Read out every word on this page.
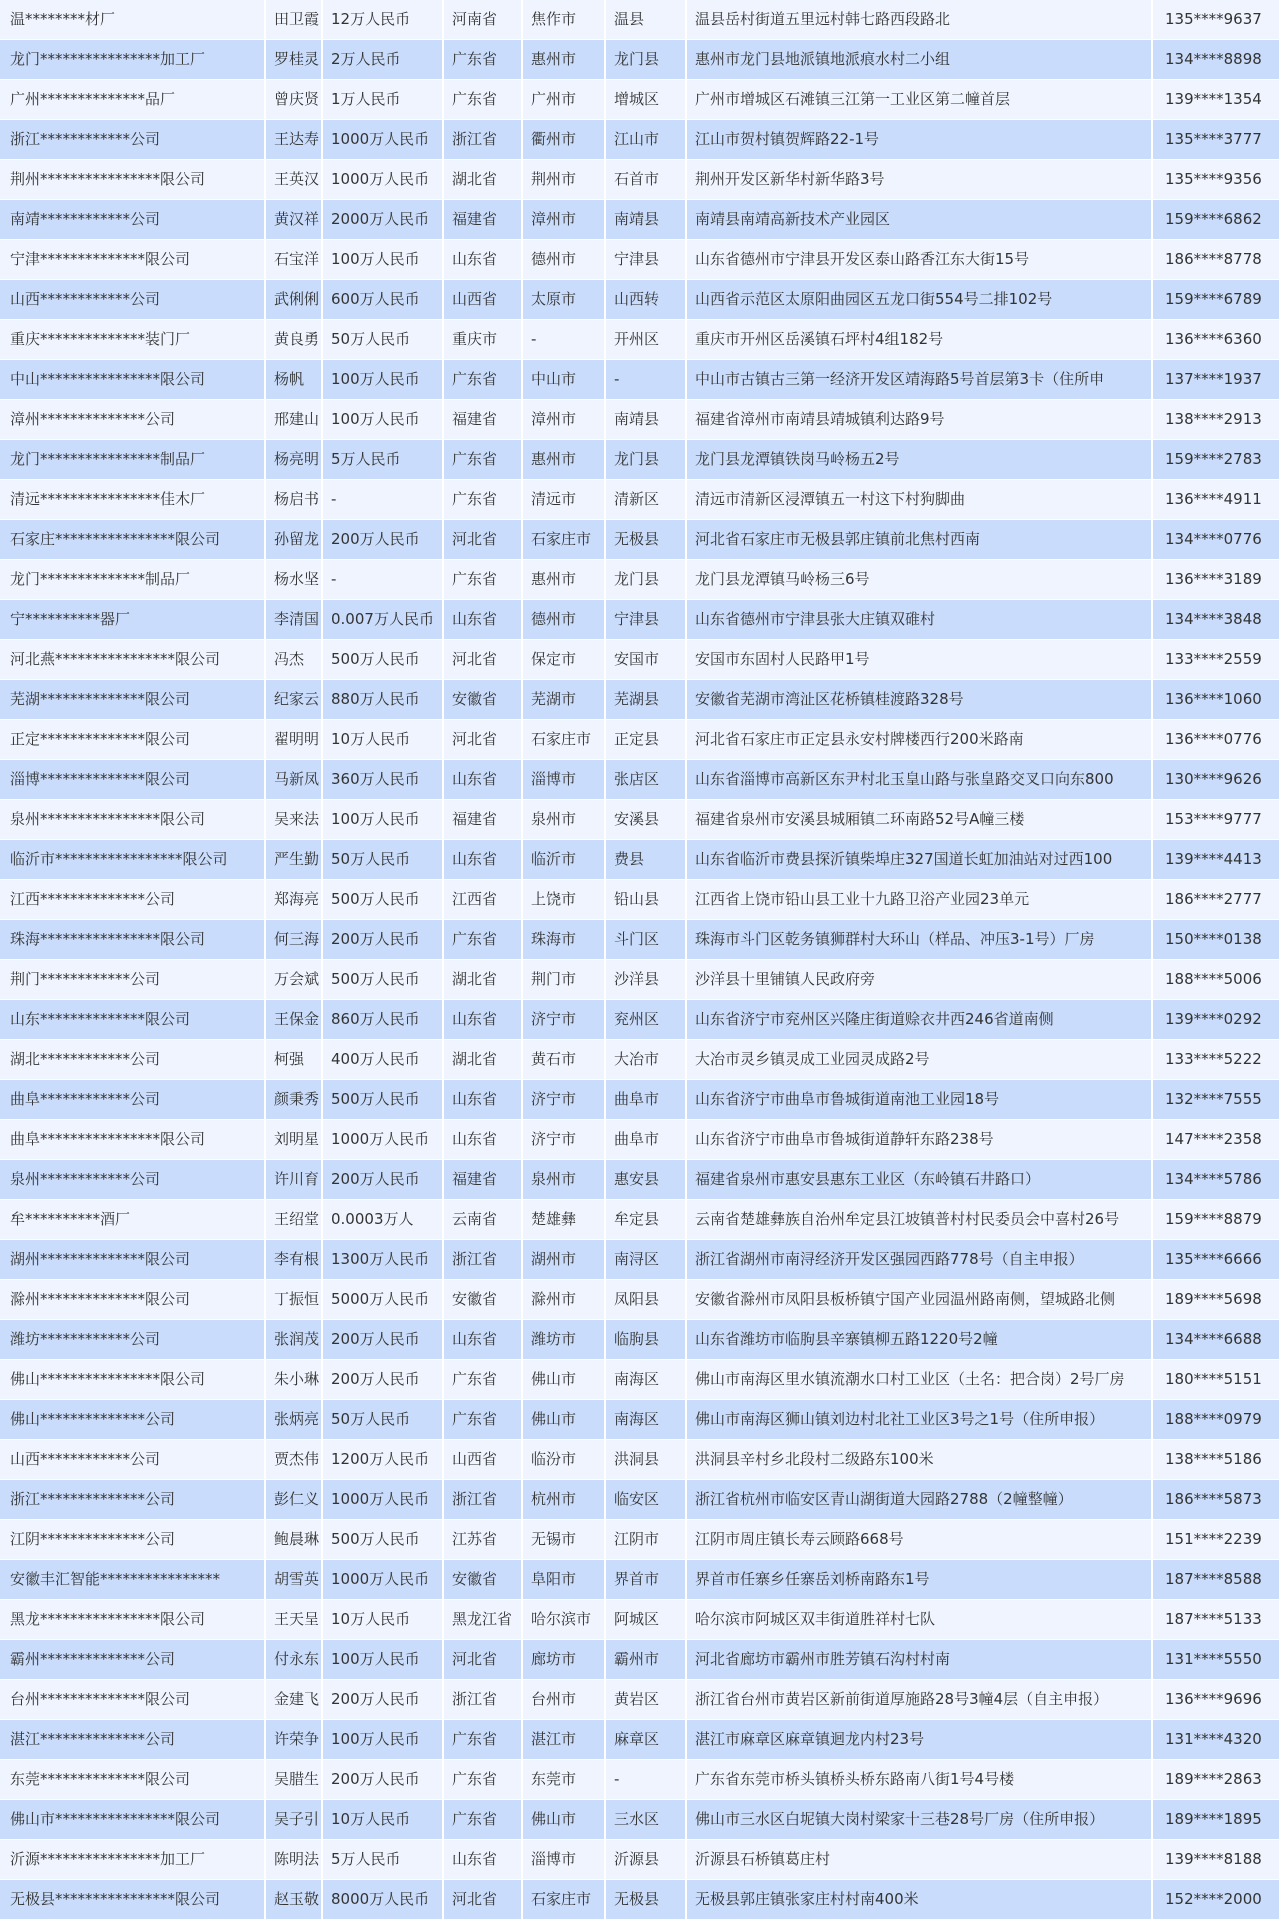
温********材厂	田卫霞	12万人民币	河南省	焦作市	温县	温县岳村街道五里远村韩七路西段路北	135****9637
龙门****************加工厂	罗桂灵	2万人民币	广东省	惠州市	龙门县	惠州市龙门县地派镇地派痕水村二小组	134****8898
广州**************品厂	曾庆贤	1万人民币	广东省	广州市	增城区	广州市增城区石滩镇三江第一工业区第二幢首层	139****1354
浙江************公司	王达寿	1000万人民币	浙江省	衢州市	江山市	江山市贺村镇贺辉路22-1号	135****3777
荆州****************限公司	王英汉	1000万人民币	湖北省	荆州市	石首市	荆州开发区新华村新华路3号	135****9356
南靖************公司	黄汉祥	2000万人民币	福建省	漳州市	南靖县	南靖县南靖高新技术产业园区	159****6862
宁津**************限公司	石宝洋	100万人民币	山东省	德州市	宁津县	山东省德州市宁津县开发区泰山路香江东大街15号	186****8778
山西************公司	武俐俐	600万人民币	山西省	太原市	山西转	山西省示范区太原阳曲园区五龙口街554号二排102号	159****6789
重庆**************装门厂	黄良勇	50万人民币	重庆市	-	开州区	重庆市开州区岳溪镇石坪村4组182号	136****6360
中山****************限公司	杨帆	100万人民币	广东省	中山市	-	中山市古镇古三第一经济开发区靖海路5号首层第3卡（住所申	137****1937
漳州**************公司	邢建山	100万人民币	福建省	漳州市	南靖县	福建省漳州市南靖县靖城镇利达路9号	138****2913
龙门****************制品厂	杨亮明	5万人民币	广东省	惠州市	龙门县	龙门县龙潭镇铁岗马岭杨五2号	159****2783
清远****************佳木厂	杨启书	-	广东省	清远市	清新区	清远市清新区浸潭镇五一村这下村狗脚曲	136****4911
石家庄****************限公司	孙留龙	200万人民币	河北省	石家庄市	无极县	河北省石家庄市无极县郭庄镇前北焦村西南	134****0776
龙门**************制品厂	杨水坚	-	广东省	惠州市	龙门县	龙门县龙潭镇马岭杨三6号	136****3189
宁**********器厂	李清国	0.007万人民币	山东省	德州市	宁津县	山东省德州市宁津县张大庄镇双碓村	134****3848
河北燕****************限公司	冯杰	500万人民币	河北省	保定市	安国市	安国市东固村人民路甲1号	133****2559
芜湖**************限公司	纪家云	880万人民币	安徽省	芜湖市	芜湖县	安徽省芜湖市湾沚区花桥镇桂渡路328号	136****1060
正定**************限公司	翟明明	10万人民币	河北省	石家庄市	正定县	河北省石家庄市正定县永安村牌楼西行200米路南	136****0776
淄博**************限公司	马新凤	360万人民币	山东省	淄博市	张店区	山东省淄博市高新区东尹村北玉皇山路与张皇路交叉口向东800	130****9626
泉州****************限公司	吴来法	100万人民币	福建省	泉州市	安溪县	福建省泉州市安溪县城厢镇二环南路52号A幢三楼	153****9777
临沂市*****************限公司	严生勤	50万人民币	山东省	临沂市	费县	山东省临沂市费县探沂镇柴埠庄327国道长虹加油站对过西100	139****4413
江西**************公司	郑海亮	500万人民币	江西省	上饶市	铅山县	江西省上饶市铅山县工业十九路卫浴产业园23单元	186****2777
珠海****************限公司	何三海	200万人民币	广东省	珠海市	斗门区	珠海市斗门区乾务镇狮群村大环山（样品、冲压3-1号）厂房	150****0138
荆门************公司	万会斌	500万人民币	湖北省	荆门市	沙洋县	沙洋县十里铺镇人民政府旁	188****5006
山东**************限公司	王保金	860万人民币	山东省	济宁市	兖州区	山东省济宁市兖州区兴隆庄街道赊衣井西246省道南侧	139****0292
湖北************公司	柯强	400万人民币	湖北省	黄石市	大冶市	大冶市灵乡镇灵成工业园灵成路2号	133****5222
曲阜************公司	颜秉秀	500万人民币	山东省	济宁市	曲阜市	山东省济宁市曲阜市鲁城街道南池工业园18号	132****7555
曲阜****************限公司	刘明星	1000万人民币	山东省	济宁市	曲阜市	山东省济宁市曲阜市鲁城街道静轩东路238号	147****2358
泉州************公司	许川育	200万人民币	福建省	泉州市	惠安县	福建省泉州市惠安县惠东工业区（东岭镇石井路口）	134****5786
牟**********酒厂	王绍堂	0.0003万人	云南省	楚雄彝	牟定县	云南省楚雄彝族自治州牟定县江坡镇普村村民委员会中喜村26号	159****8879
湖州**************限公司	李有根	1300万人民币	浙江省	湖州市	南浔区	浙江省湖州市南浔经济开发区强园西路778号（自主申报）	135****6666
滁州**************限公司	丁振恒	5000万人民币	安徽省	滁州市	凤阳县	安徽省滁州市凤阳县板桥镇宁国产业园温州路南侧，望城路北侧	189****5698
潍坊************公司	张润茂	200万人民币	山东省	潍坊市	临朐县	山东省潍坊市临朐县辛寨镇柳五路1220号2幢	134****6688
佛山****************限公司	朱小琳	200万人民币	广东省	佛山市	南海区	佛山市南海区里水镇流潮水口村工业区（土名：把合岗）2号厂房	180****5151
佛山**************公司	张炳亮	50万人民币	广东省	佛山市	南海区	佛山市南海区狮山镇刘边村北社工业区3号之1号（住所申报）	188****0979
山西************公司	贾杰伟	1200万人民币	山西省	临汾市	洪洞县	洪洞县辛村乡北段村二级路东100米	138****5186
浙江**************公司	彭仁义	1000万人民币	浙江省	杭州市	临安区	浙江省杭州市临安区青山湖街道大园路2788（2幢整幢）	186****5873
江阴**************公司	鲍晨琳	500万人民币	江苏省	无锡市	江阴市	江阴市周庄镇长寿云顾路668号	151****2239
安徽丰汇智能****************	胡雪英	1000万人民币	安徽省	阜阳市	界首市	界首市任寨乡任寨岳刘桥南路东1号	187****8588
黑龙****************限公司	王天呈	10万人民币	黑龙江省	哈尔滨市	阿城区	哈尔滨市阿城区双丰街道胜祥村七队	187****5133
霸州**************公司	付永东	100万人民币	河北省	廊坊市	霸州市	河北省廊坊市霸州市胜芳镇石沟村村南	131****5550
台州**************限公司	金建飞	200万人民币	浙江省	台州市	黄岩区	浙江省台州市黄岩区新前街道厚施路28号3幢4层（自主申报）	136****9696
湛江**************公司	许荣争	100万人民币	广东省	湛江市	麻章区	湛江市麻章区麻章镇迴龙内村23号	131****4320
东莞**************限公司	吴腊生	200万人民币	广东省	东莞市	-	广东省东莞市桥头镇桥头桥东路南八街1号4号楼	189****2863
佛山市****************限公司	吴子引	10万人民币	广东省	佛山市	三水区	佛山市三水区白坭镇大岗村梁家十三巷28号厂房（住所申报）	189****1895
沂源****************加工厂	陈明法	5万人民币	山东省	淄博市	沂源县	沂源县石桥镇葛庄村	139****8188
无极县****************限公司	赵玉敬	8000万人民币	河北省	石家庄市	无极县	无极县郭庄镇张家庄村村南400米	152****2000
